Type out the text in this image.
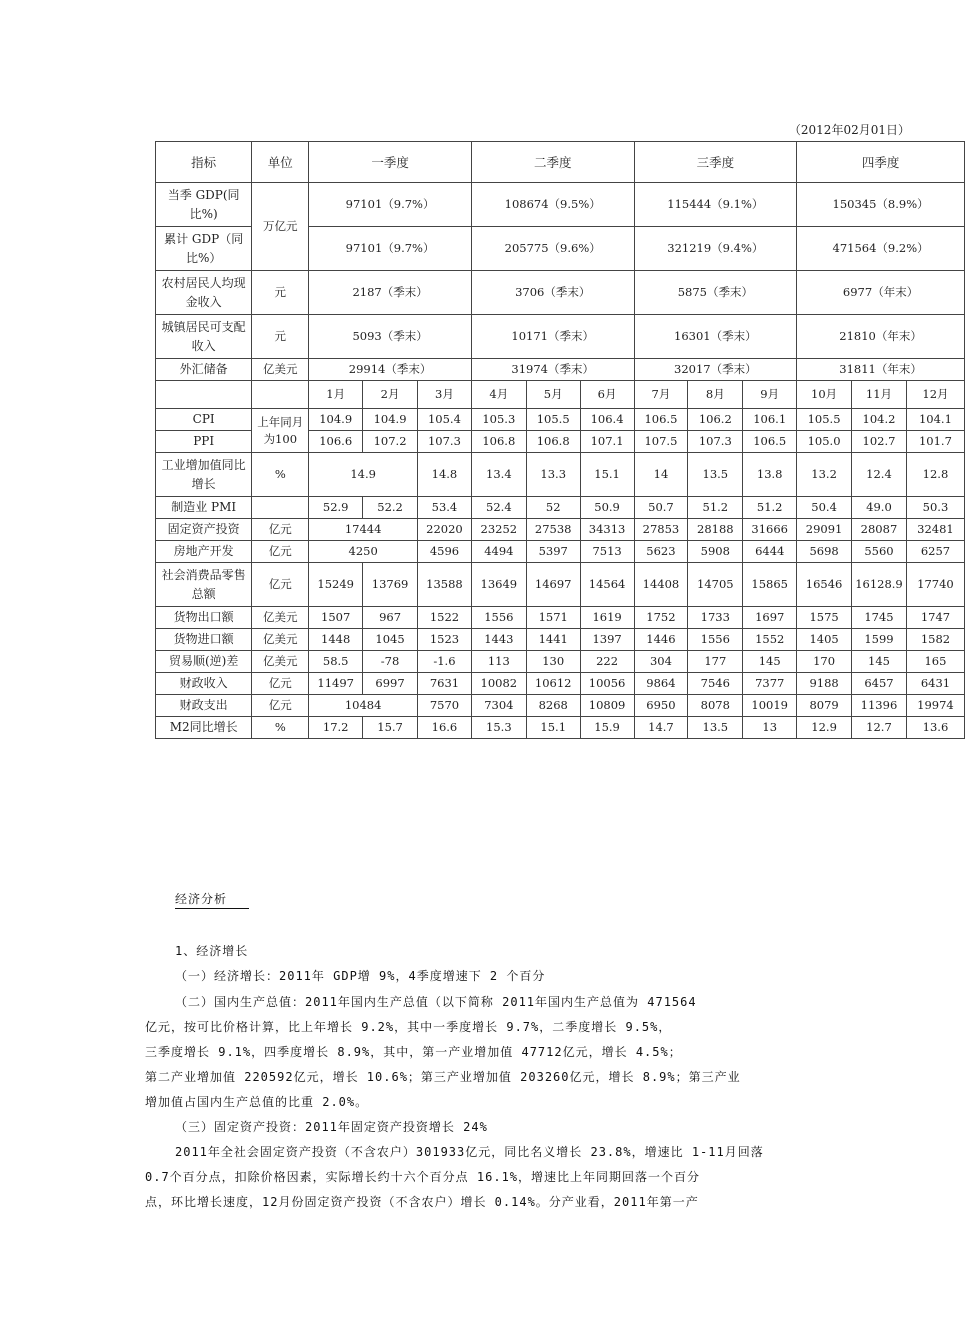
（2012年02月01日）
指标	单位	一季度			二季度			三季度			四季度		
当季 GDP(同比%)	万亿元	97101（9.7%）			108674（9.5%）			115444（9.1%）			150345（8.9%）		
累计 GDP（同比%）		97101（9.7%）			205775（9.6%）			321219（9.4%）			471564（9.2%）		
农村居民人均现金收入	元	2187（季末）			3706（季末）			5875（季末）			6977（年末）		
城镇居民可支配收入	元	5093（季末）			10171（季末）			16301（季末）			21810（年末）		
外汇储备	亿美元	29914（季末）			31974（季末）			32017（季末）			31811（年末）		
		1月	2月	3月	4月	5月	6月	7月	8月	9月	10月	11月	12月
CPI	上年同月为100	104.9	104.9	105.4	105.3	105.5	106.4	106.5	106.2	106.1	105.5	104.2	104.1
PPI		106.6	107.2	107.3	106.8	106.8	107.1	107.5	107.3	106.5	105.0	102.7	101.7
工业增加值同比增长	%	14.9		14.8	13.4	13.3	15.1	14	13.5	13.8	13.2	12.4	12.8
制造业 PMI		52.9	52.2	53.4	52.4	52	50.9	50.7	51.2	51.2	50.4	49.0	50.3
固定资产投资	亿元	17444		22020	23252	27538	34313	27853	28188	31666	29091	28087	32481
房地产开发	亿元	4250		4596	4494	5397	7513	5623	5908	6444	5698	5560	6257
社会消费品零售总额	亿元	15249	13769	13588	13649	14697	14564	14408	14705	15865	16546	16128.9	17740
货物出口额	亿美元	1507	967	1522	1556	1571	1619	1752	1733	1697	1575	1745	1747
货物进口额	亿美元	1448	1045	1523	1443	1441	1397	1446	1556	1552	1405	1599	1582
贸易顺(逆)差	亿美元	58.5	-78	-1.6	113	130	222	304	177	145	170	145	165
财政收入	亿元	11497	6997	7631	10082	10612	10056	9864	7546	7377	9188	6457	6431
财政支出	亿元	10484		7570	7304	8268	10809	6950	8078	10019	8079	11396	19974
M2同比增长	%	17.2	15.7	16.6	15.3	15.1	15.9	14.7	13.5	13	12.9	12.7	13.6
经济分析
1、经济增长
（一）经济增长：2011年 GDP增 9%，4季度增速下 2 个百分
（二）国内生产总值：2011年国内生产总值（以下简称 2011年国内生产总值为 471564
亿元，按可比价格计算，比上年增长 9.2%，其中一季度增长 9.7%，二季度增长 9.5%，
三季度增长 9.1%，四季度增长 8.9%，其中，第一产业增加值 47712亿元，增长 4.5%；
第二产业增加值 220592亿元，增长 10.6%；第三产业增加值 203260亿元，增长 8.9%；第三产业
增加值占国内生产总值的比重 2.0%。
（三）固定资产投资：2011年固定资产投资增长 24%
2011年全社会固定资产投资（不含农户）301933亿元，同比名义增长 23.8%，增速比 1-11月回落
0.7个百分点，扣除价格因素，实际增长约十六个百分点 16.1%，增速比上年同期回落一个百分
点，环比增长速度，12月份固定资产投资（不含农户）增长 0.14%。分产业看，2011年第一产
